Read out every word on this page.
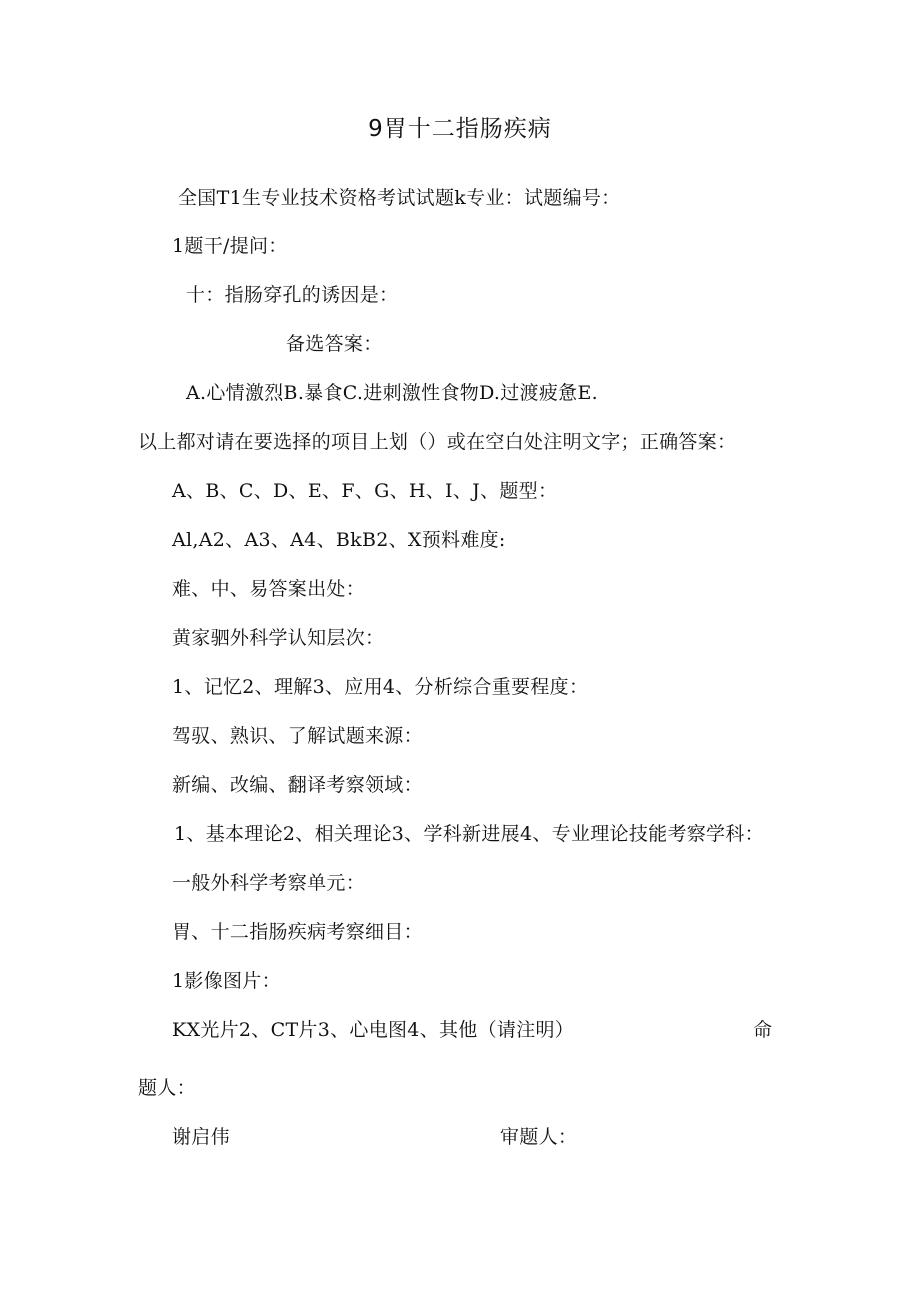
9胃十二指肠疾病
全国T1生专业技术资格考试试题k专业：试题编号：
1题干/提问：
十：指肠穿孔的诱因是：
备选答案：
A.心情激烈B.暴食C.进刺激性食物D.过渡疲惫E.
以上都对请在要选择的项目上划（）或在空白处注明文字；正确答案：
A、B、C、D、E、F、G、H、I、J、题型：
Al,A2、A3、A4、BkB2、X预料难度:
难、中、易答案出处：
黄家驷外科学认知层次：
1、记忆2、理解3、应用4、分析综合重要程度：
驾驭、熟识、了解试题来源：
新编、改编、翻译考察领域：
1、基本理论2、相关理论3、学科新进展4、专业理论技能考察学科：
一般外科学考察单元：
胃、十二指肠疾病考察细目：
1影像图片：
KX光片2、CT片3、心电图4、其他（请注明）	命
题人：
谢启伟	审题人：
